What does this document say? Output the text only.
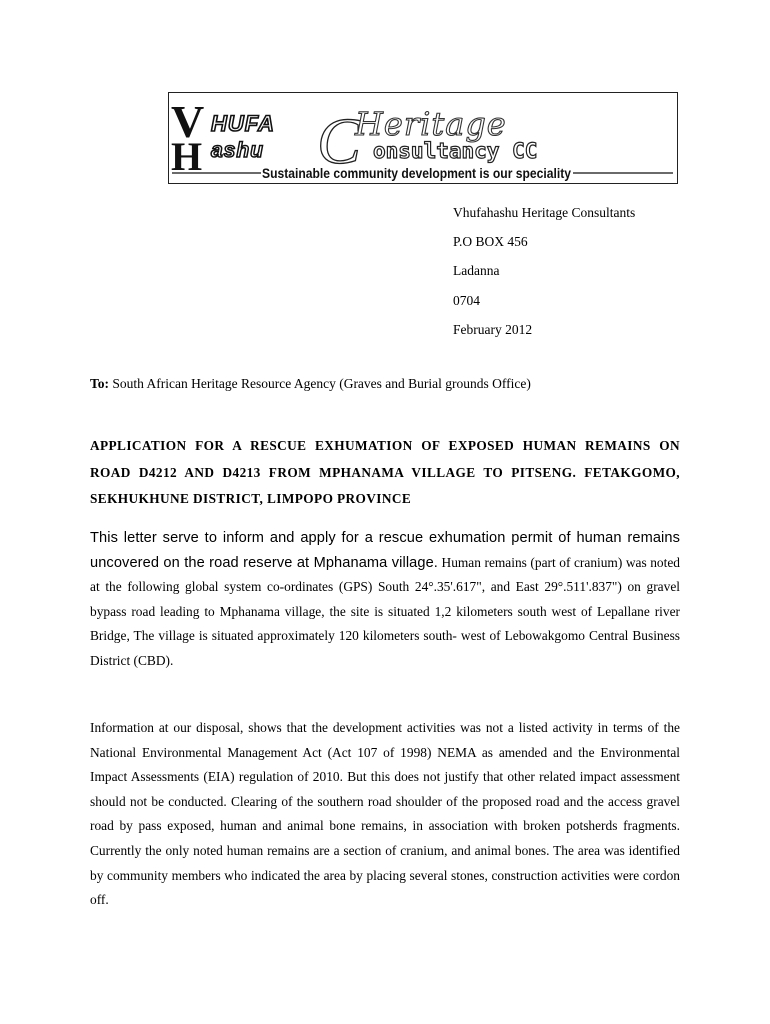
V
H
HUFA
ashu C
Heritage
onsultancy CC
Sustainable community development is our speciality
Vhufahashu Heritage Consultants
P.O BOX 456
Ladanna
0704
February 2012
To: South African Heritage Resource Agency (Graves and Burial grounds Office)
APPLICATION FOR A RESCUE EXHUMATION OF EXPOSED HUMAN REMAINS ON ROAD D4212 AND D4213 FROM MPHANAMA VILLAGE TO PITSENG. FETAKGOMO, SEKHUKHUNE DISTRICT, LIMPOPO PROVINCE
This letter serve to inform and apply for a rescue exhumation permit of human remains uncovered on the road reserve at Mphanama village. Human remains (part of cranium) was noted at the following global system co-ordinates (GPS) South 24°.35'.617", and East 29°.511'.837") on gravel bypass road leading to Mphanama village, the site is situated 1,2 kilometers south west of Lepallane river Bridge, The village is situated approximately 120 kilometers south- west of Lebowakgomo Central Business District (CBD).
Information at our disposal, shows that the development activities was not a listed activity in terms of the National Environmental Management Act (Act 107 of 1998) NEMA as amended and the Environmental Impact Assessments (EIA) regulation of 2010. But this does not justify that other related impact assessment should not be conducted. Clearing of the southern road shoulder of the proposed road and the access gravel road by pass exposed, human and animal bone remains, in association with broken potsherds fragments. Currently the only noted human remains are a section of cranium, and animal bones. The area was identified by community members who indicated the area by placing several stones, construction activities were cordon off.
